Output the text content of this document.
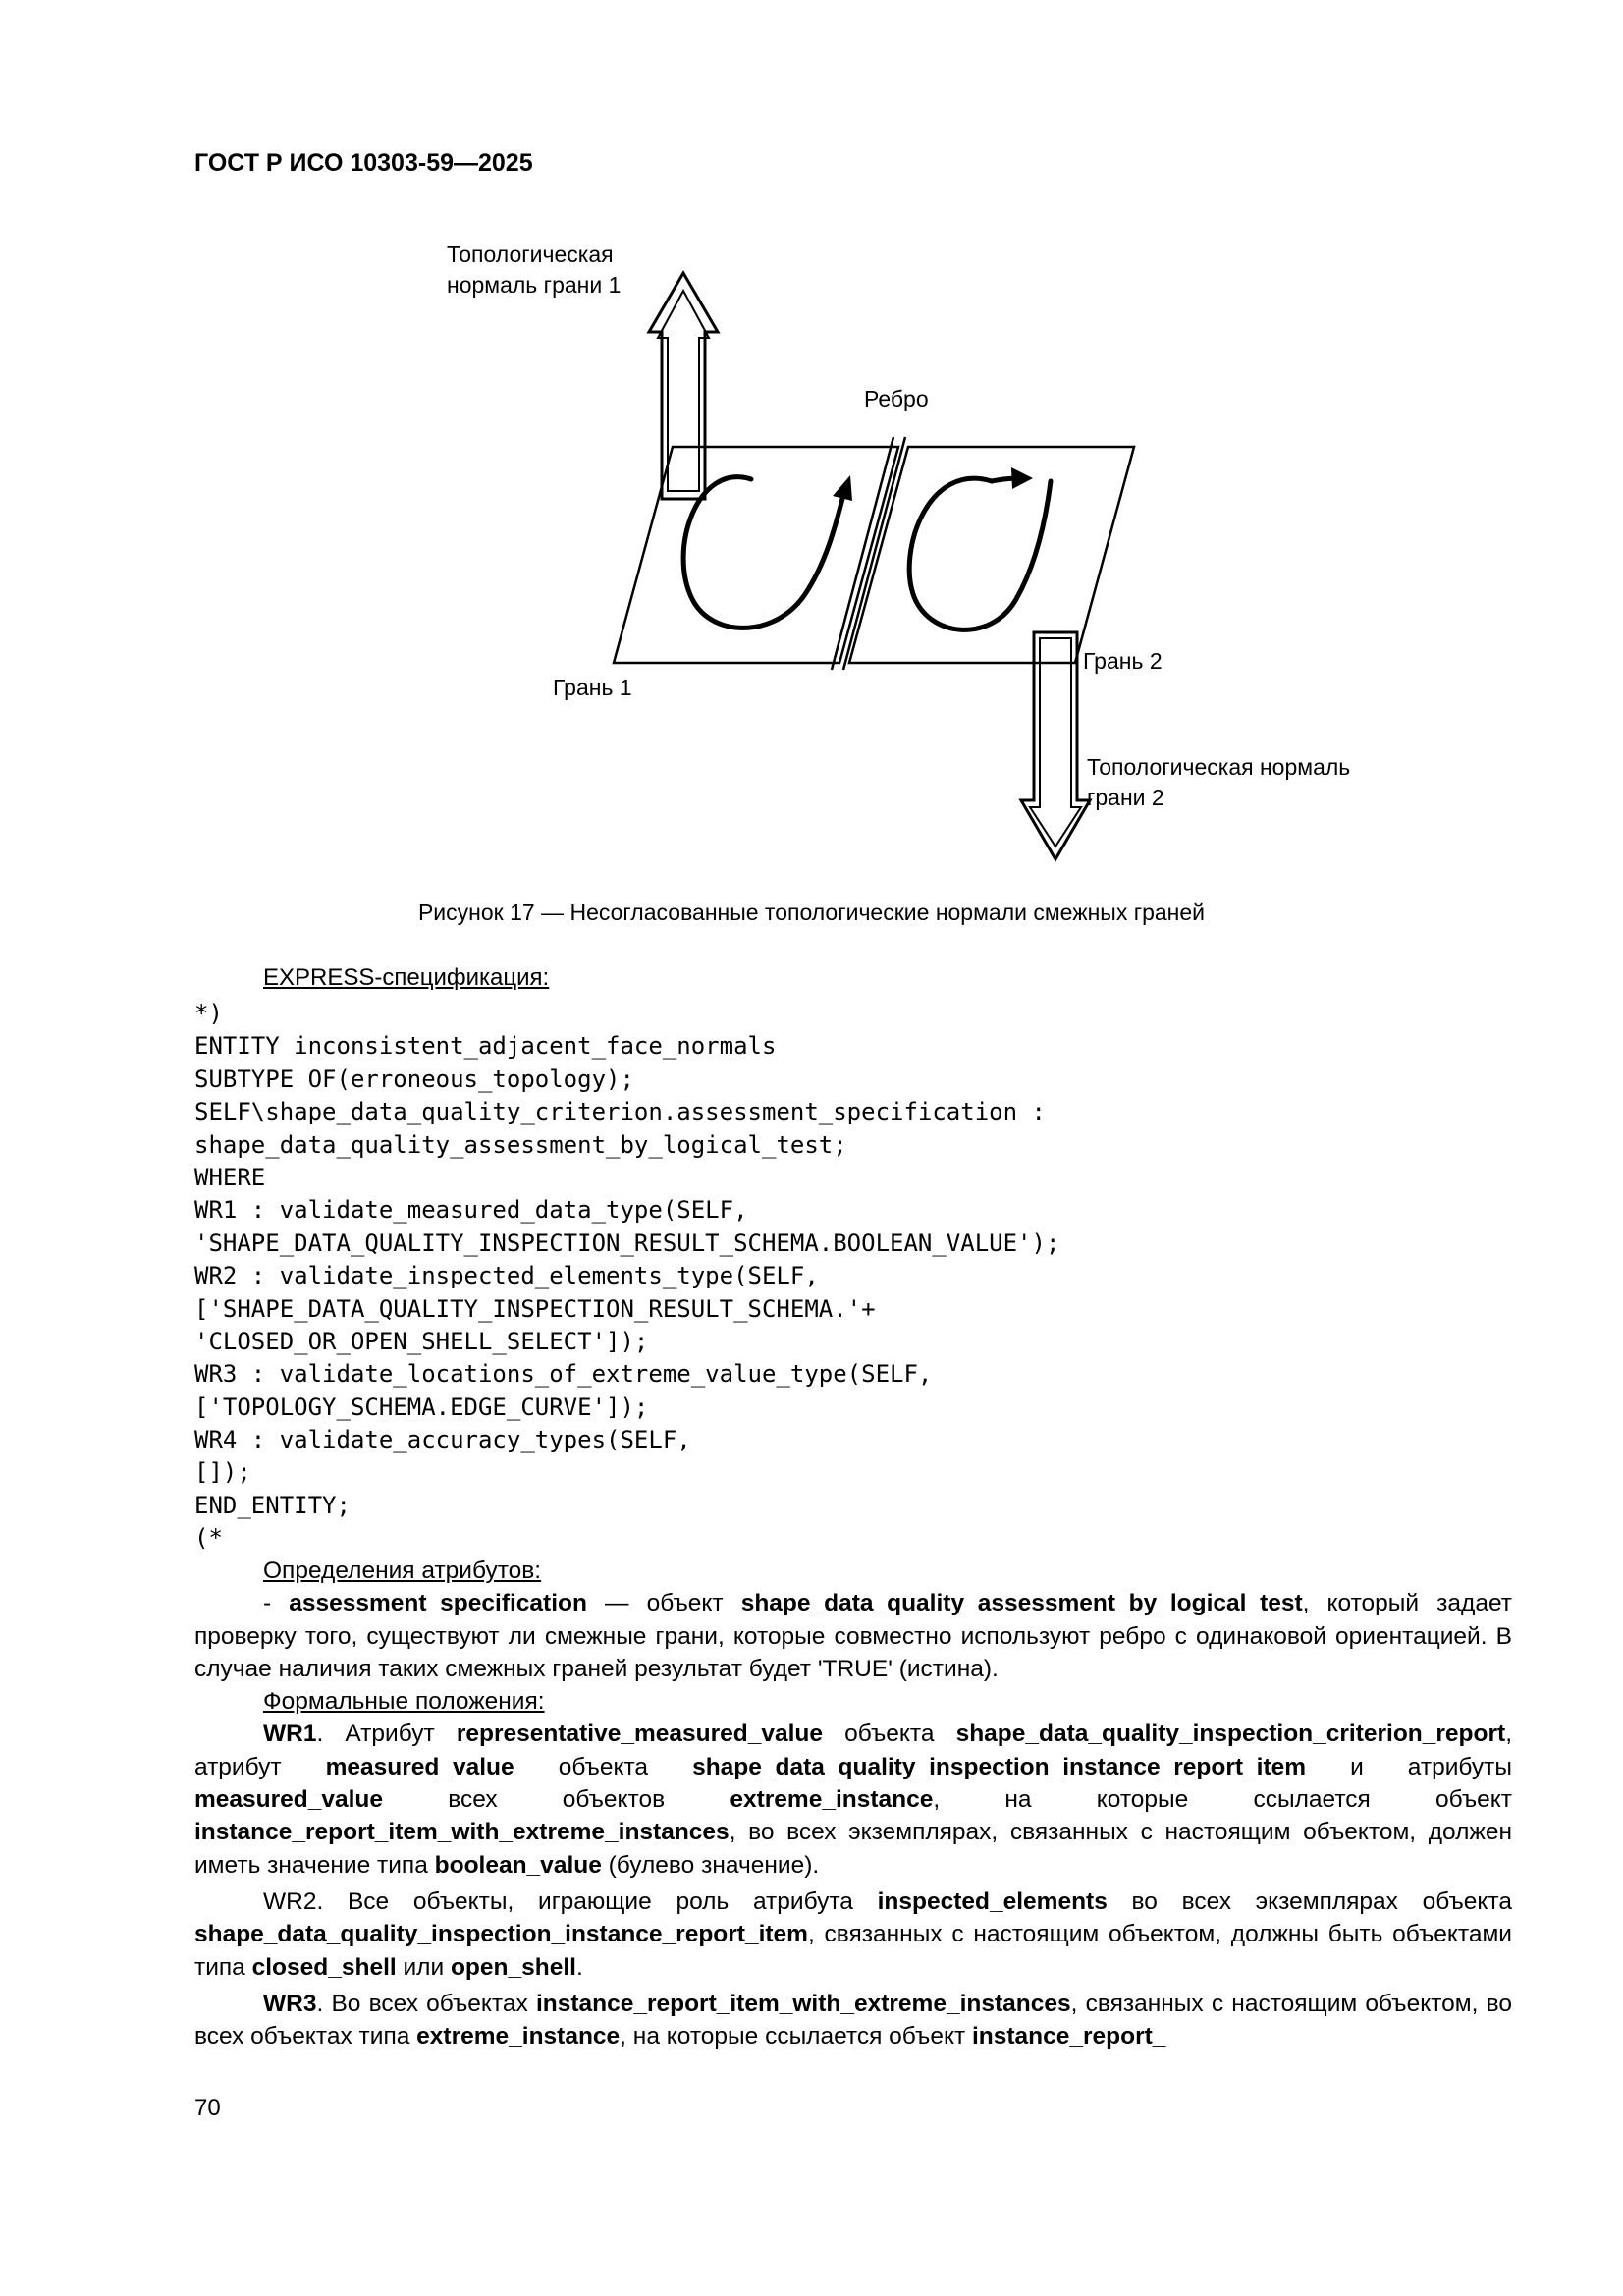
ГОСТ Р ИСО 10303-59—2025
Топологическая
нормаль грани 1
Ребро
Грань 2
Грань 1
Топологическая нормаль
грани 2
Рисунок 17 — Несогласованные топологические нормали смежных граней
EXPRESS-спецификация:
*)
ENTITY inconsistent_adjacent_face_normals
SUBTYPE OF(erroneous_topology);
SELF\shape_data_quality_criterion.assessment_specification :
shape_data_quality_assessment_by_logical_test;
WHERE
WR1 : validate_measured_data_type(SELF,
'SHAPE_DATA_QUALITY_INSPECTION_RESULT_SCHEMA.BOOLEAN_VALUE');
WR2 : validate_inspected_elements_type(SELF,
['SHAPE_DATA_QUALITY_INSPECTION_RESULT_SCHEMA.'+
'CLOSED_OR_OPEN_SHELL_SELECT']);
WR3 : validate_locations_of_extreme_value_type(SELF,
['TOPOLOGY_SCHEMA.EDGE_CURVE']);
WR4 : validate_accuracy_types(SELF,
[]);
END_ENTITY;
(*

Определения атрибутов:

- assessment_specification — объект shape_data_quality_assessment_by_logical_test, который задает проверку того, существуют ли смежные грани, которые совместно используют ребро с одинаковой ориентацией. В случае наличия таких смежных граней результат будет 'TRUE' (истина).

Формальные положения:

WR1. Атрибут representative_measured_value объекта shape_data_quality_inspection_criterion_report, атрибут measured_value объекта shape_data_quality_inspection_instance_report_item и атрибуты measured_value всех объектов extreme_instance, на которые ссылается объект instance_report_item_with_extreme_instances, во всех экземплярах, связанных с настоящим объектом, должен иметь значение типа boolean_value (булево значение).

WR2. Все объекты, играющие роль атрибута inspected_elements во всех экземплярах объекта shape_data_quality_inspection_instance_report_item, связанных с настоящим объектом, должны быть объектами типа closed_shell или open_shell.

WR3. Во всех объектах instance_report_item_with_extreme_instances, связанных с настоящим объектом, во всех объектах типа extreme_instance, на которые ссылается объект instance_report_

70
